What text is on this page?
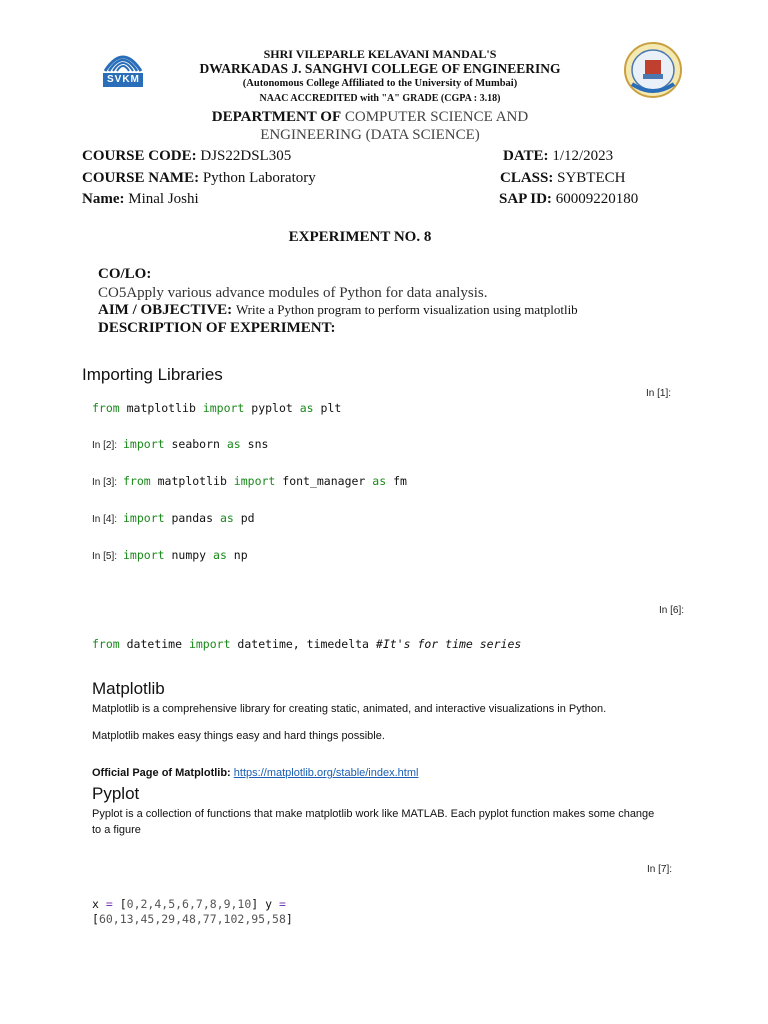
SVKM
SHRI VILEPARLE KELAVANI MANDAL'S
DWARKADAS J. SANGHVI COLLEGE OF ENGINEERING
(Autonomous College Affiliated to the University of Mumbai)
NAAC ACCREDITED with "A" GRADE (CGPA : 3.18)
DEPARTMENT OF COMPUTER SCIENCE AND
ENGINEERING (DATA SCIENCE)
COURSE CODE: DJS22DSL305	DATE: 1/12/2023
COURSE NAME: Python Laboratory	CLASS: SYBTECH
Name: Minal Joshi	SAP ID: 60009220180
EXPERIMENT NO. 8
CO/LO:
CO5Apply various advance modules of Python for data analysis.
AIM / OBJECTIVE: Write a Python program to perform visualization using matplotlib
DESCRIPTION OF EXPERIMENT:
Importing Libraries
In [1]:
from matplotlib import pyplot as plt
In [2]: import seaborn as sns
In [3]: from matplotlib import font_manager as fm
In [4]: import pandas as pd
In [5]: import numpy as np
In [6]:
from datetime import datetime, timedelta #It's for time series
Matplotlib
Matplotlib is a comprehensive library for creating static, animated, and interactive visualizations in Python.
Matplotlib makes easy things easy and hard things possible.
Official Page of Matplotlib: https://matplotlib.org/stable/index.html
Pyplot
Pyplot is a collection of functions that make matplotlib work like MATLAB. Each pyplot function makes some change to a figure
In [7]:
x = [0,2,4,5,6,7,8,9,10] y =
[60,13,45,29,48,77,102,95,58]
